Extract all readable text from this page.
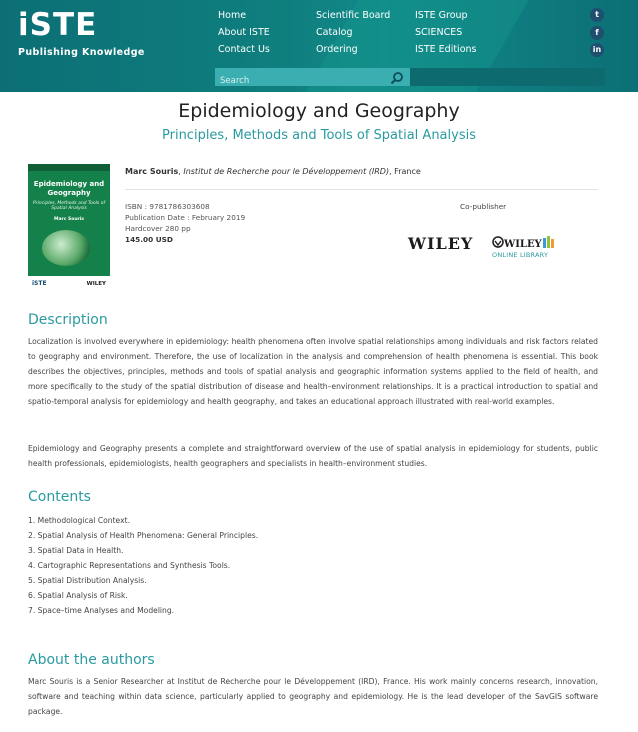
iSTE
Publishing Knowledge
Home
About ISTE
Contact Us
Scientific Board
Catalog
Ordering
ISTE Group
SCIENCES
ISTE Editions
t
f
in
Search
Epidemiology and Geography
Principles, Methods and Tools of Spatial Analysis
Epidemiology and Geography
Principles, Methods and Tools of Spatial Analysis
Marc Souris
iSTE	WILEY
Marc Souris, Institut de Recherche pour le Développement (IRD), France
ISBN : 9781786303608
Publication Date : February 2019
Hardcover 280 pp
145.00 USD
Co-publisher
WILEY	WILEY
ONLINE LIBRARY
Description
Localization is involved everywhere in epidemiology: health phenomena often involve spatial relationships among individuals and risk factors related to geography and environment. Therefore, the use of localization in the analysis and comprehension of health phenomena is essential. This book describes the objectives, principles, methods and tools of spatial analysis and geographic information systems applied to the field of health, and more specifically to the study of the spatial distribution of disease and health–environment relationships. It is a practical introduction to spatial and spatio-temporal analysis for epidemiology and health geography, and takes an educational approach illustrated with real-world examples.
Epidemiology and Geography presents a complete and straightforward overview of the use of spatial analysis in epidemiology for students, public health professionals, epidemiologists, health geographers and specialists in health–environment studies.
Contents
1. Methodological Context.
2. Spatial Analysis of Health Phenomena: General Principles.
3. Spatial Data in Health.
4. Cartographic Representations and Synthesis Tools.
5. Spatial Distribution Analysis.
6. Spatial Analysis of Risk.
7. Space–time Analyses and Modeling.
About the authors
Marc Souris is a Senior Researcher at Institut de Recherche pour le Développement (IRD), France. His work mainly concerns research, innovation, software and teaching within data science, particularly applied to geography and epidemiology. He is the lead developer of the SavGIS software package.
